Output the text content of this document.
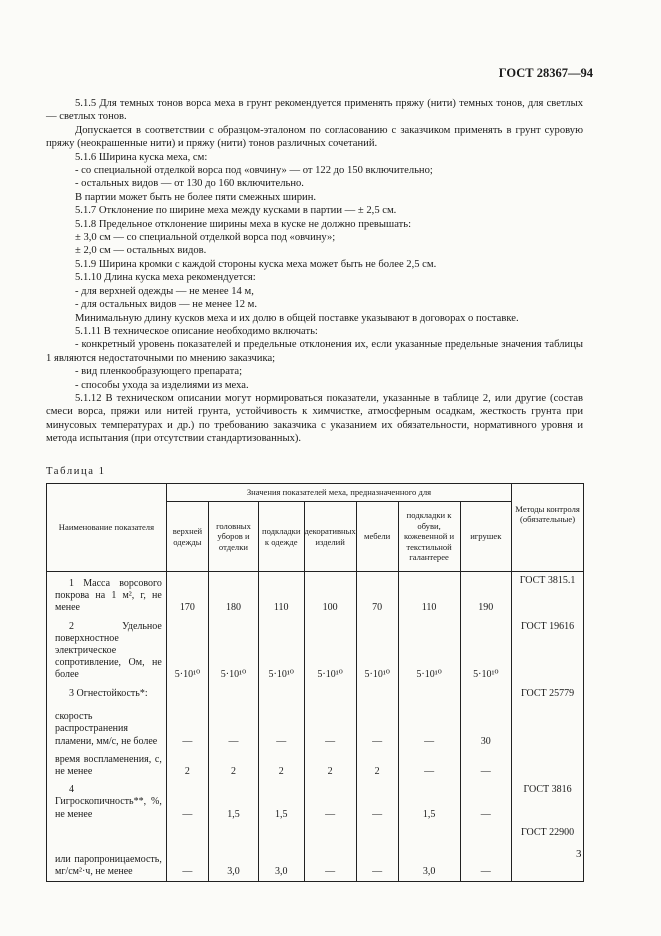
ГОСТ 28367—94

5.1.5 Для темных тонов ворса меха в грунт рекомендуется применять пряжу (нити) темных тонов, для светлых — светлых тонов.

Допускается в соответствии с образцом-эталоном по согласованию с заказчиком применять в грунт суровую пряжу (неокрашенные нити) и пряжу (нити) тонов различных сочетаний.

5.1.6 Ширина куска меха, см:

- со специальной отделкой ворса под «овчину» — от 122 до 150 включительно;

- остальных видов — от 130 до 160 включительно.

В партии может быть не более пяти смежных ширин.

5.1.7 Отклонение по ширине меха между кусками в партии — ± 2,5 см.

5.1.8 Предельное отклонение ширины меха в куске не должно превышать:

± 3,0 см — со специальной отделкой ворса под «овчину»;

± 2,0 см — остальных видов.

5.1.9 Ширина кромки с каждой стороны куска меха может быть не более 2,5 см.

5.1.10 Длина куска меха рекомендуется:

- для верхней одежды — не менее 14 м,

- для остальных видов — не менее 12 м.

Минимальную длину кусков меха и их долю в общей поставке указывают в договорах о поставке.

5.1.11 В техническое описание необходимо включать:

- конкретный уровень показателей и предельные отклонения их, если указанные предельные значения таблицы 1 являются недостаточными по мнению заказчика;

- вид пленкообразующего препарата;

- способы ухода за изделиями из меха.

5.1.12 В техническом описании могут нормироваться показатели, указанные в таблице 2, или другие (состав смеси ворса, пряжи или нитей грунта, устойчивость к химчистке, атмосферным осадкам, жесткость грунта при минусовых температурах и др.) по требованию заказчика с указанием их обязательности, нормативного уровня и метода испытания (при отсутствии стандартизованных).

Таблица 1
Наименование показателя	Значения показателей меха, предназначенного для							Методы контроля (обязательные)
	верхней одежды	головных уборов и отделки	подкладки к одежде	декоративных изделий	мебели	подкладки к обуви, кожевенной и текстильной галантерее	игрушек	
1 Масса ворсового покрова на 1 м², г, не менее	170	180	110	100	70	110	190	ГОСТ 3815.1
2 Удельное поверхностное электрическое сопротивление, Ом, не более	5·10¹⁰	5·10¹⁰	5·10¹⁰	5·10¹⁰	5·10¹⁰	5·10¹⁰	5·10¹⁰	ГОСТ 19616
3 Огнестойкость*:								ГОСТ 25779
скорость распространения пламени, мм/с, не более	—	—	—	—	—	—	30	
время воспламенения, с, не менее	2	2	2	2	2	—	—	
4 Гигроскопичность**, %, не менее	—	1,5	1,5	—	—	1,5	—	ГОСТ 3816
или паропроницаемость, мг/см²·ч, не менее	—	3,0	3,0	—	—	3,0	—	ГОСТ 22900
3
